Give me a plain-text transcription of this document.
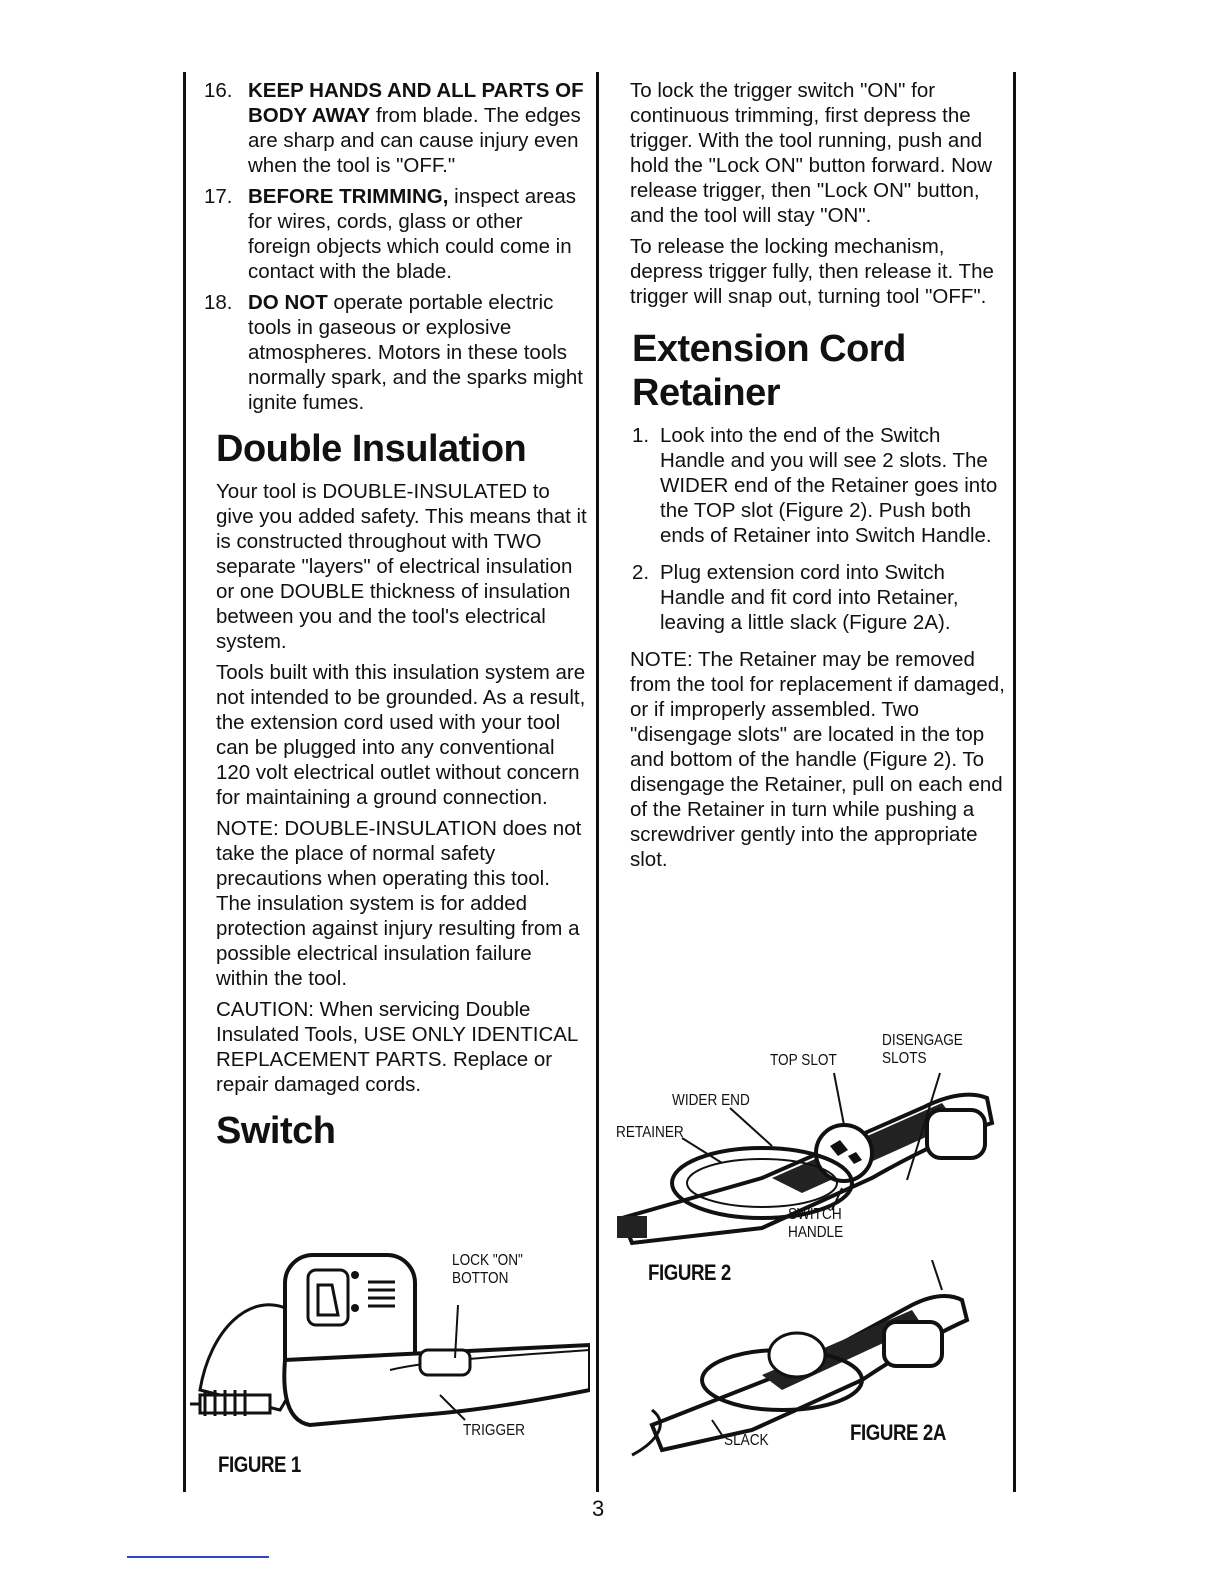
16. KEEP HANDS AND ALL PARTS OF BODY AWAY from blade. The edges are sharp and can cause injury even when the tool is "OFF."
17. BEFORE TRIMMING, inspect areas for wires, cords, glass or other foreign objects which could come in contact with the blade.
18. DO NOT operate portable electric tools in gaseous or explosive atmospheres. Motors in these tools normally spark, and the sparks might ignite fumes.
Double Insulation

Your tool is DOUBLE-INSULATED to give you added safety. This means that it is constructed throughout with TWO separate "layers" of electrical insulation or one DOUBLE thickness of insulation between you and the tool's electrical system.

Tools built with this insulation system are not intended to be grounded. As a result, the extension cord used with your tool can be plugged into any conventional 120 volt electrical outlet without concern for maintaining a ground connection.

NOTE: DOUBLE-INSULATION does not take the place of normal safety precautions when operating this tool. The insulation system is for added protection against injury resulting from a possible electrical insulation failure within the tool.

CAUTION: When servicing Double Insulated Tools, USE ONLY IDENTICAL REPLACEMENT PARTS. Replace or repair damaged cords.

Switch
LOCK "ON" BOTTON
TRIGGER
FIGURE 1

To lock the trigger switch "ON" for continuous trimming, first depress the trigger. With the tool running, push and hold the "Lock ON" button forward. Now release trigger, then "Lock ON" button, and the tool will stay "ON".

To release the locking mechanism, depress trigger fully, then release it. The trigger will snap out, turning tool "OFF".

Extension Cord
Retainer
1. Look into the end of the Switch Handle and you will see 2 slots. The WIDER end of the Retainer goes into the TOP slot (Figure 2). Push both ends of Retainer into Switch Handle.
2. Plug extension cord into Switch Handle and fit cord into Retainer, leaving a little slack (Figure 2A).

NOTE: The Retainer may be removed from the tool for replacement if damaged, or if improperly assembled. Two "disengage slots" are located in the top and bottom of the handle (Figure 2). To disengage the Retainer, pull on each end of the Retainer in turn while pushing a screwdriver gently into the appropriate slot.

DISENGAGE
SLOTS
TOP SLOT
WIDER END
RETAINER
SWITCH
HANDLE
FIGURE 2
SLACK	FIGURE 2A
3
